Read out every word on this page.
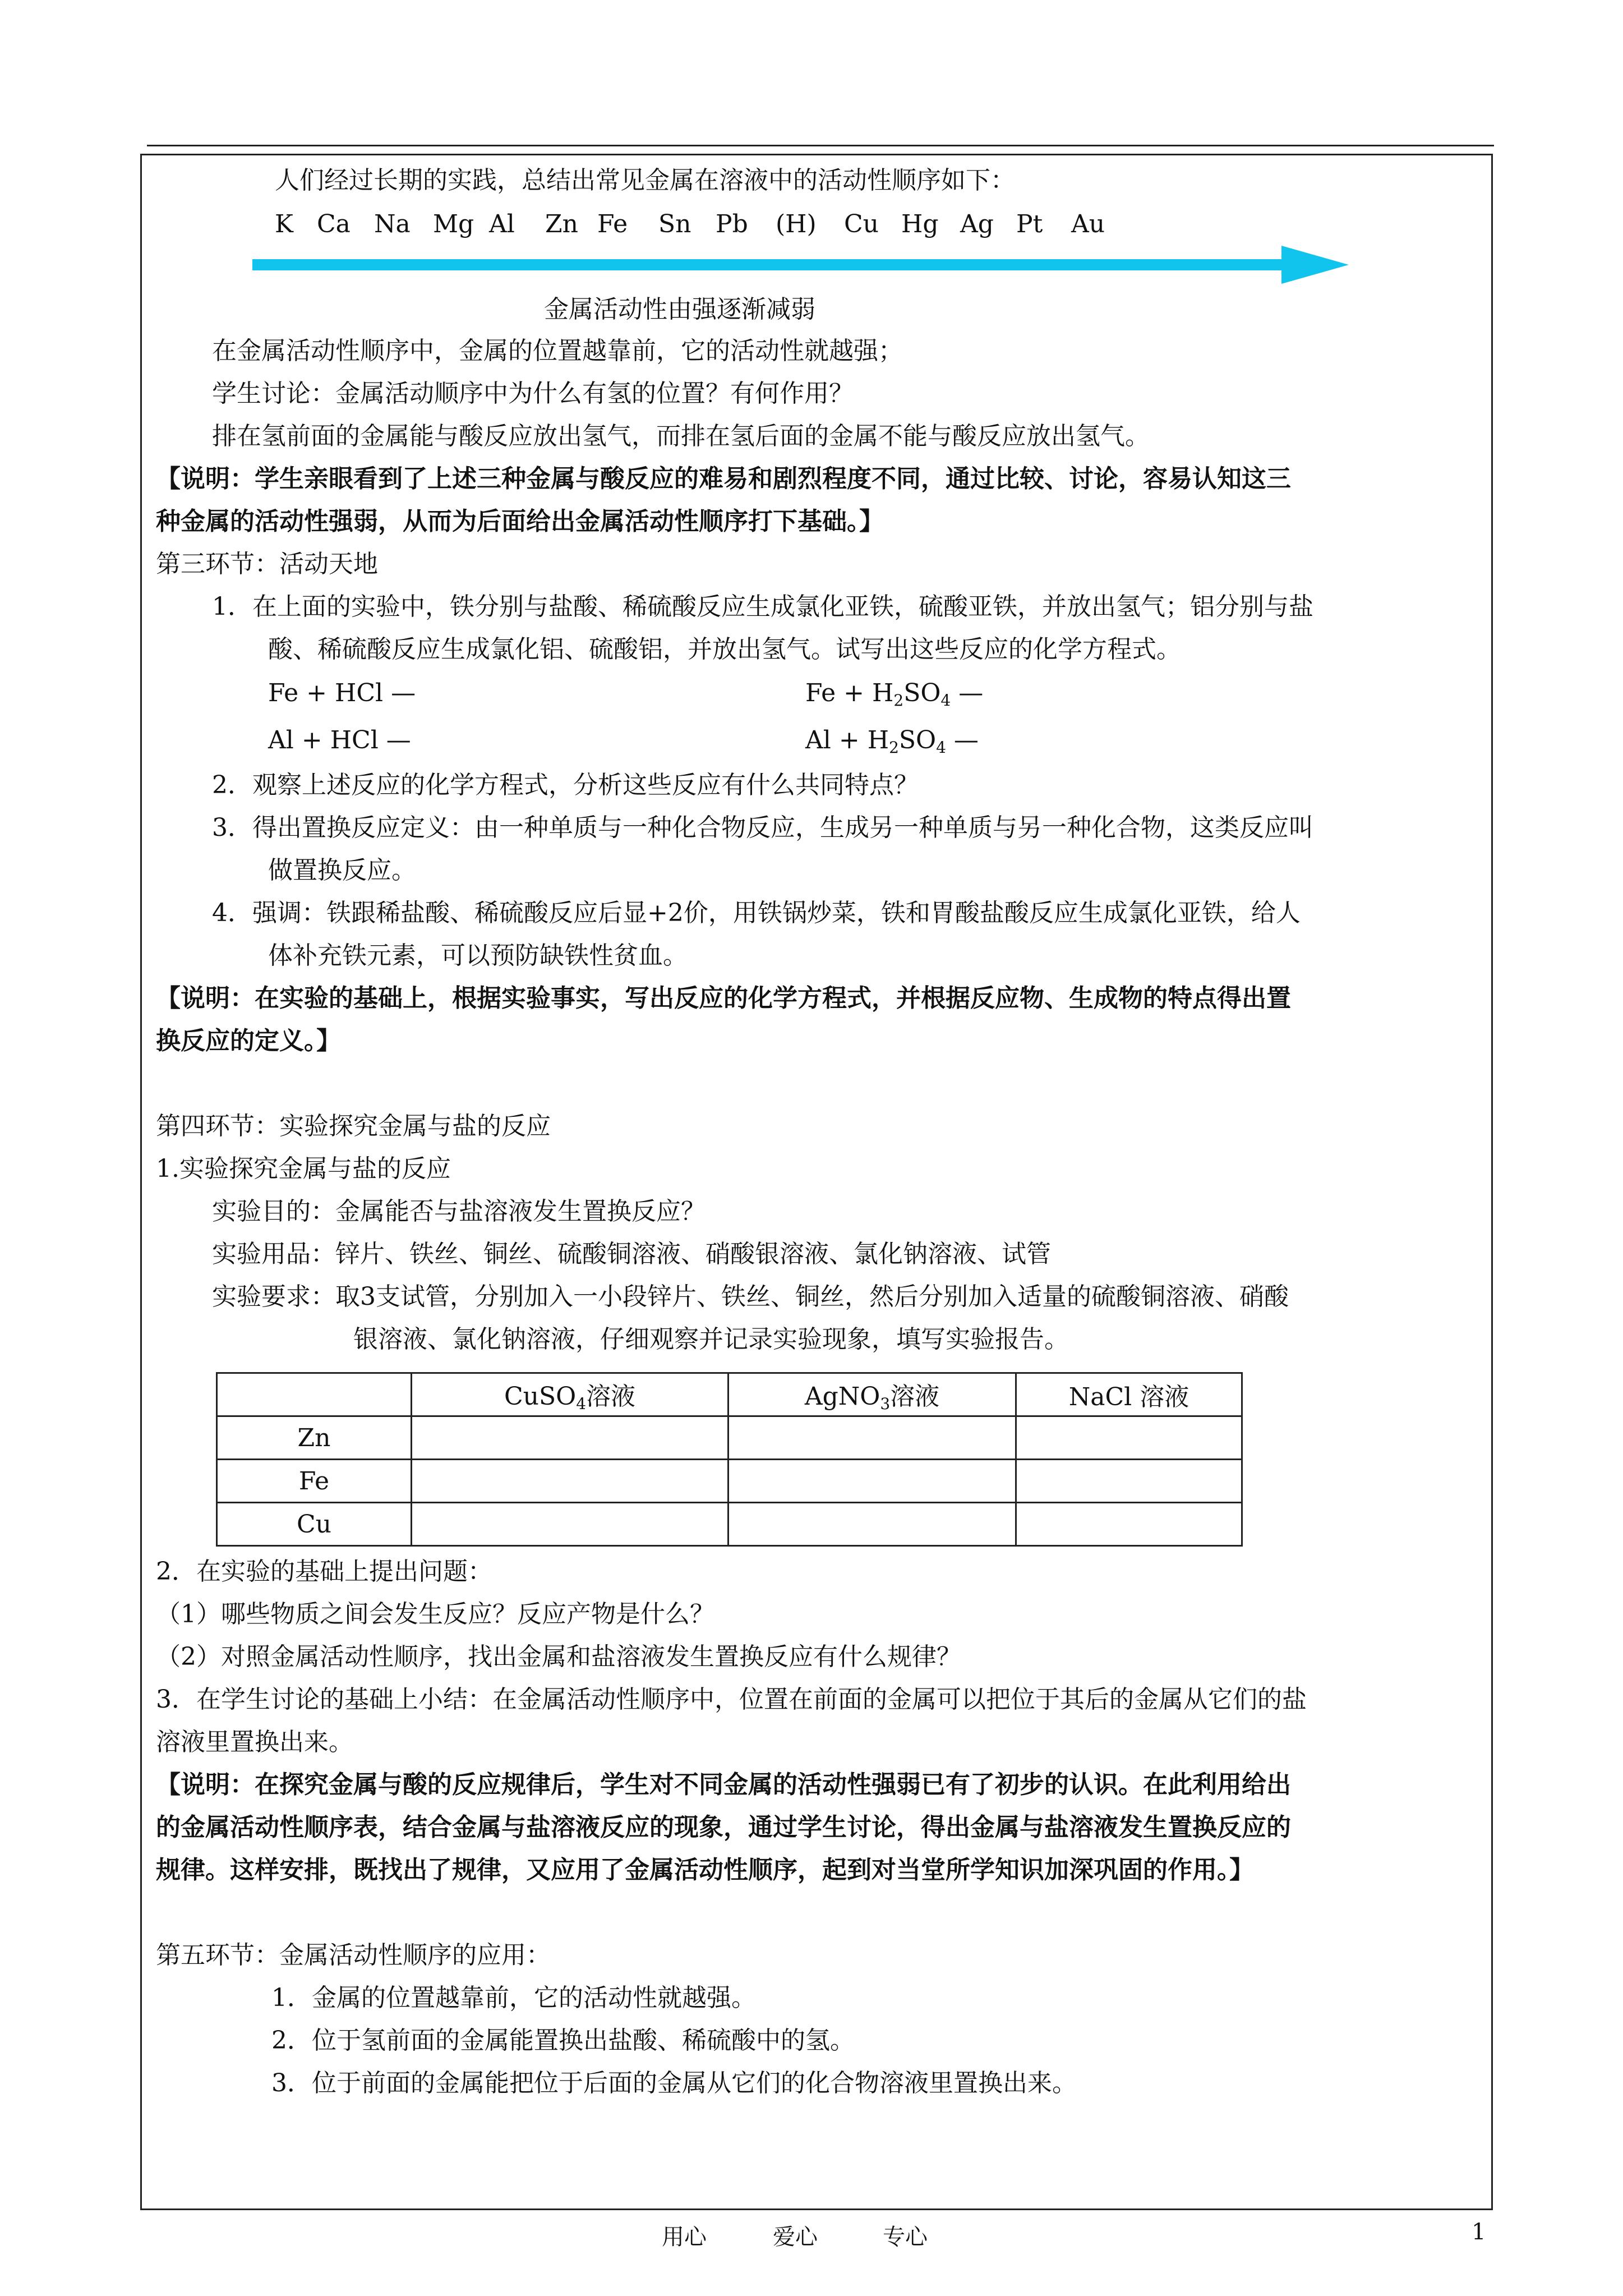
人们经过长期的实践，总结出常见金属在溶液中的活动性顺序如下：
K Ca Na Mg Al Zn Fe Sn Pb (H) Cu Hg Ag Pt Au
金属活动性由强逐渐减弱
在金属活动性顺序中，金属的位置越靠前，它的活动性就越强；
学生讨论：金属活动顺序中为什么有氢的位置？有何作用？
排在氢前面的金属能与酸反应放出氢气，而排在氢后面的金属不能与酸反应放出氢气。
【说明：学生亲眼看到了上述三种金属与酸反应的难易和剧烈程度不同，通过比较、讨论，容易认知这三
种金属的活动性强弱，从而为后面给出金属活动性顺序打下基础。】
第三环节：活动天地
1．在上面的实验中，铁分别与盐酸、稀硫酸反应生成氯化亚铁，硫酸亚铁，并放出氢气；铝分别与盐
酸、稀硫酸反应生成氯化铝、硫酸铝，并放出氢气。试写出这些反应的化学方程式。
Fe + HCl —	$Fe + H_2SO_4$ —
Al + HCl —	$Al + H_2SO_4$ —
2．观察上述反应的化学方程式，分析这些反应有什么共同特点？
3．得出置换反应定义：由一种单质与一种化合物反应，生成另一种单质与另一种化合物，这类反应叫
做置换反应。
4．强调：铁跟稀盐酸、稀硫酸反应后显+2价，用铁锅炒菜，铁和胃酸盐酸反应生成氯化亚铁，给人
体补充铁元素，可以预防缺铁性贫血。
【说明：在实验的基础上，根据实验事实，写出反应的化学方程式，并根据反应物、生成物的特点得出置
换反应的定义。】
第四环节：实验探究金属与盐的反应
1.实验探究金属与盐的反应
实验目的：金属能否与盐溶液发生置换反应？
实验用品：锌片、铁丝、铜丝、硫酸铜溶液、硝酸银溶液、氯化钠溶液、试管
实验要求：取3支试管，分别加入一小段锌片、铁丝、铜丝，然后分别加入适量的硫酸铜溶液、硝酸
银溶液、氯化钠溶液，仔细观察并记录实验现象，填写实验报告。
	CuSO$_4$溶液	AgNO$_3$溶液	NaCl 溶液
Zn			
Fe			
Cu			
2．在实验的基础上提出问题：
（1）哪些物质之间会发生反应？反应产物是什么？
（2）对照金属活动性顺序，找出金属和盐溶液发生置换反应有什么规律？
3．在学生讨论的基础上小结：在金属活动性顺序中，位置在前面的金属可以把位于其后的金属从它们的盐
溶液里置换出来。
【说明：在探究金属与酸的反应规律后，学生对不同金属的活动性强弱已有了初步的认识。在此利用给出
的金属活动性顺序表，结合金属与盐溶液反应的现象，通过学生讨论，得出金属与盐溶液发生置换反应的
规律。这样安排，既找出了规律，又应用了金属活动性顺序，起到对当堂所学知识加深巩固的作用。】
第五环节：金属活动性顺序的应用：
1．金属的位置越靠前，它的活动性就越强。
2．位于氢前面的金属能置换出盐酸、稀硫酸中的氢。
3．位于前面的金属能把位于后面的金属从它们的化合物溶液里置换出来。
用心	爱心	专心	1
